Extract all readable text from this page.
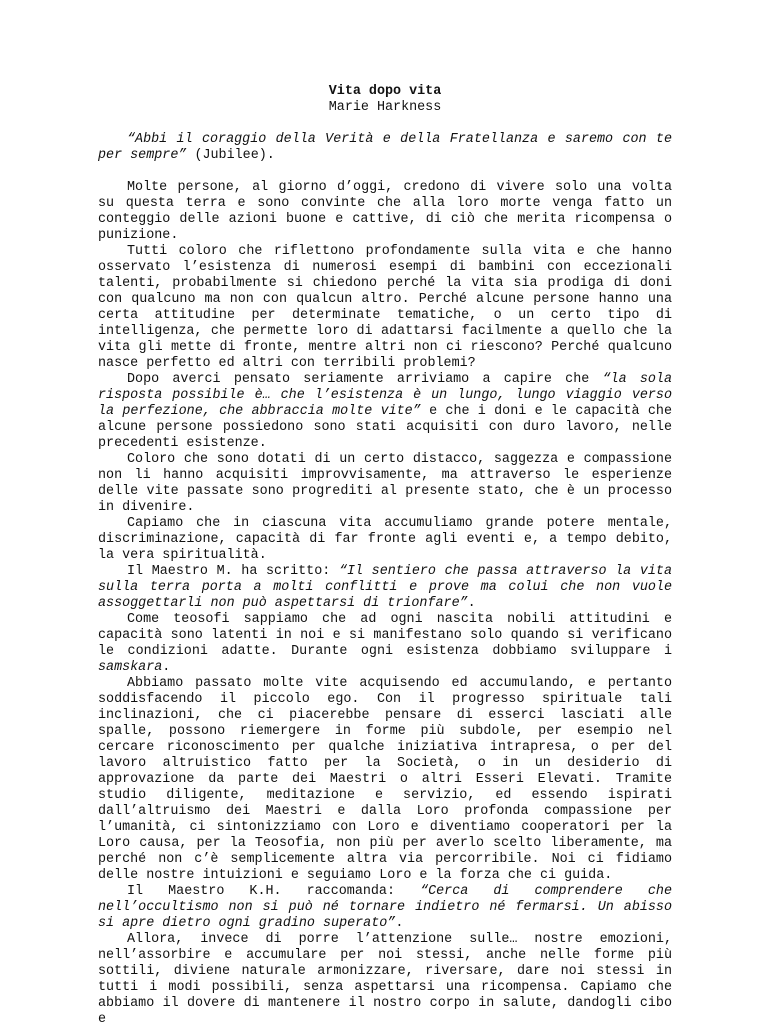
Vita dopo vita
Marie Harkness

“Abbi il coraggio della Verità e della Fratellanza e saremo con te per sempre” (Jubilee).

Molte persone, al giorno d’oggi, credono di vivere solo una volta su questa terra e sono convinte che alla loro morte venga fatto un conteggio delle azioni buone e cattive, di ciò che merita ricompensa o punizione.

Tutti coloro che riflettono profondamente sulla vita e che hanno osservato l’esistenza di numerosi esempi di bambini con eccezionali talenti, probabilmente si chiedono perché la vita sia prodiga di doni con qualcuno ma non con qualcun altro. Perché alcune persone hanno una certa attitudine per determinate tematiche, o un certo tipo di intelligenza, che permette loro di adattarsi facilmente a quello che la vita gli mette di fronte, mentre altri non ci riescono? Perché qualcuno nasce perfetto ed altri con terribili problemi?

Dopo averci pensato seriamente arriviamo a capire che “la sola risposta possibile è… che l’esistenza è un lungo, lungo viaggio verso la perfezione, che abbraccia molte vite” e che i doni e le capacità che alcune persone possiedono sono stati acquisiti con duro lavoro, nelle precedenti esistenze.

Coloro che sono dotati di un certo distacco, saggezza e compassione non li hanno acquisiti improvvisamente, ma attraverso le esperienze delle vite passate sono progrediti al presente stato, che è un processo in divenire.

Capiamo che in ciascuna vita accumuliamo grande potere mentale, discriminazione, capacità di far fronte agli eventi e, a tempo debito, la vera spiritualità.

Il Maestro M. ha scritto: “Il sentiero che passa attraverso la vita sulla terra porta a molti conflitti e prove ma colui che non vuole assoggettarli non può aspettarsi di trionfare”.

Come teosofi sappiamo che ad ogni nascita nobili attitudini e capacità sono latenti in noi e si manifestano solo quando si verificano le condizioni adatte. Durante ogni esistenza dobbiamo sviluppare i samskara.

Abbiamo passato molte vite acquisendo ed accumulando, e pertanto soddisfacendo il piccolo ego. Con il progresso spirituale tali inclinazioni, che ci piacerebbe pensare di esserci lasciati alle spalle, possono riemergere in forme più subdole, per esempio nel cercare riconoscimento per qualche iniziativa intrapresa, o per del lavoro altruistico fatto per la Società, o in un desiderio di approvazione da parte dei Maestri o altri Esseri Elevati. Tramite studio diligente, meditazione e servizio, ed essendo ispirati dall’altruismo dei Maestri e dalla Loro profonda compassione per l’umanità, ci sintonizziamo con Loro e diventiamo cooperatori per la Loro causa, per la Teosofia, non più per averlo scelto liberamente, ma perché non c’è semplicemente altra via percorribile. Noi ci fidiamo delle nostre intuizioni e seguiamo Loro e la forza che ci guida.

Il Maestro K.H. raccomanda: “Cerca di comprendere che nell’occultismo non si può né tornare indietro né fermarsi. Un abisso si apre dietro ogni gradino superato”.

Allora, invece di porre l’attenzione sulle… nostre emozioni, nell’assorbire e accumulare per noi stessi, anche nelle forme più sottili, diviene naturale armonizzare, riversare, dare noi stessi in tutti i modi possibili, senza aspettarsi una ricompensa. Capiamo che abbiamo il dovere di mantenere il nostro corpo in salute, dandogli cibo e
